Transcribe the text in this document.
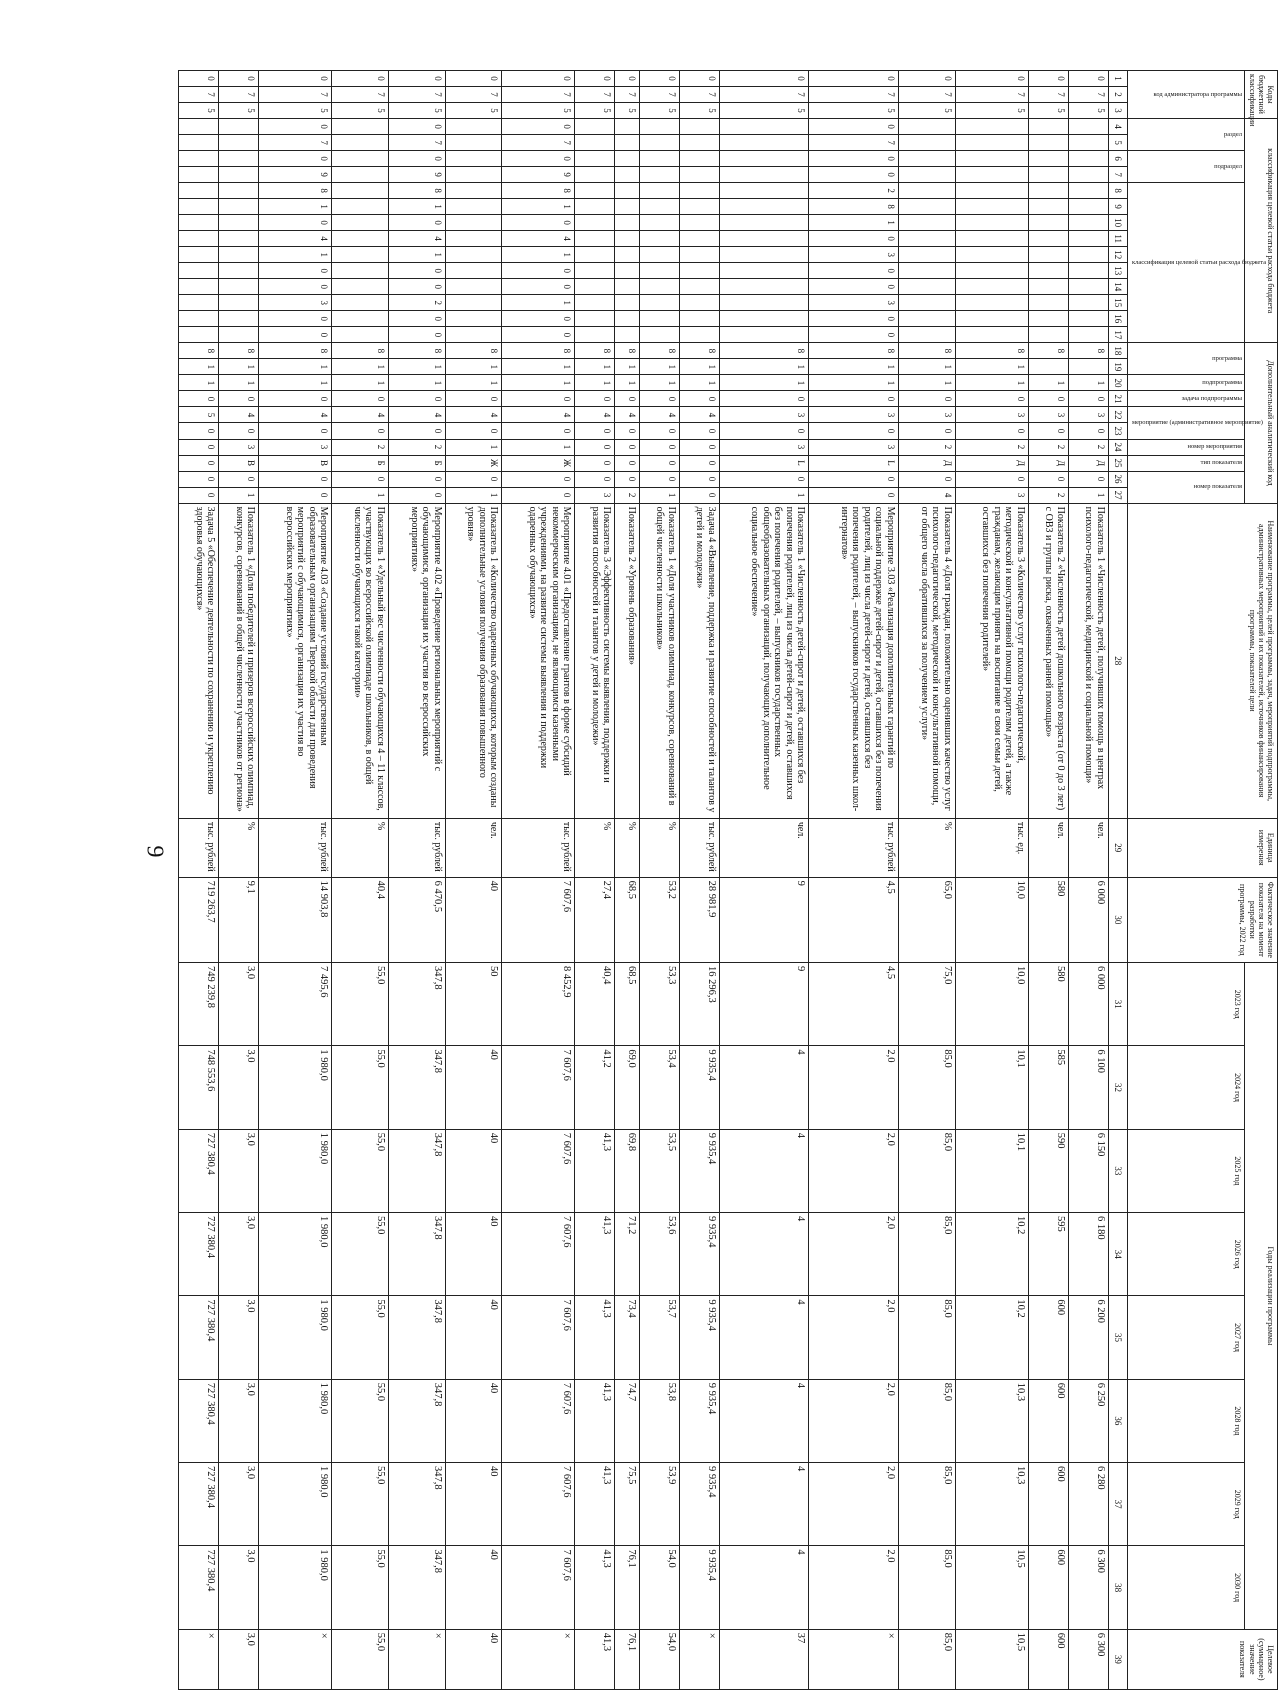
9
Коды бюджетной классификации			классификация целевой статьи расхода бюджета														Дополнительный аналитический код										Наименование программы, целей программы, задач, мероприятий подпрограммы, административных мероприятий и их показателей, источников финансирования программы, показателей цели	Единица измерения	Фактическое значение показателя на момент разработки программы, 2022 год	Годы реализации программы								Целевое (суммарное) значение показателя
код администратора программы			раздел		подраздел		классификация целевой статьи расхода бюджета										программа		подпрограмма	задача подпрограммы	мероприятие (административное мероприятие)		номер мероприятия	тип показателя	номер показателя					2023 год	2024 год	2025 год	2026 год	2027 год	2028 год	2029 год	2030 год	
1	2	3	4	5	6	7	8	9	10	11	12	13	14	15	16	17	18	19	20	21	22	23	24	25	26	27	28	29	30	31	32	33	34	35	36	37	38	39
0	7	5															8		1	0	3	0	2	Д	0	1	Показатель 1 «Численность детей, получивших помощь в центрах психолого-педагогической, медицинской и социальной помощи»	чел.	6 000	6 000	6 100	6 150	6 180	6 200	6 250	6 280	6 300	6 300
0	7	5															8		1	0	3	0	2	Д	0	2	Показатель 2 «Численность детей дошкольного возраста (от 0 до 3 лет) с ОВЗ и группы риска, охваченных ранней помощью»	чел.	580	580	585	590	595	600	600	600	600	600
0	7	5															8	1	1	0	3	0	2	Д	0	3	Показатель 3 «Количество услуг психолого-педагогической, методической и консультативной помощи родителям детей, а также гражданам, желающим принять на воспитание в свои семьи детей, оставшихся без попечения родителей»	тыс. ед.	10,0	10,0	10,1	10,1	10,2	10,2	10,3	10,3	10,5	10,5
0	7	5															8	1	1	0	3	0	2	Д	0	4	Показатель 4 «Доля граждан, положительно оценивших качество услуг психолого-педагогической, методической и консультативной помощи, от общего числа обратившихся за получением услуги»	%	65,0	75,0	85,0	85,0	85,0	85,0	85,0	85,0	85,0	85,0
0	7	5	0	7	0	0	2	8	1	0	3	0	0	3	0	0	8	1	1	0	3	0	3	L	0	0	Мероприятие 3.03 «Реализация дополнительных гарантий по социальной поддержке детей-сирот и детей, оставшихся без попечения родителей, лиц из числа детей-сирот и детей, оставшихся без попечения родителей, – выпускников государственных казенных школ-интернатов»	тыс. рублей	4,5	4,5	2,0	2,0	2,0	2,0	2,0	2,0	2,0	×
0	7	5															8	1	1	0	3	0	3	L	0	1	Показатель 1 «Численность детей-сирот и детей, оставшихся без попечения родителей, лиц из числа детей-сирот и детей, оставшихся без попечения родителей, – выпускников государственных общеобразовательных организаций, получающих дополнительное социальное обеспечение»	чел.	9	9	4	4	4	4	4	4	4	37
0	7	5															8	1	1	0	4	0	0	0	0	0	Задача 4 «Выявление, поддержка и развитие способностей и талантов у детей и молодежи»	тыс. рублей	28 981,9	16 296,3	9 935,4	9 935,4	9 935,4	9 935,4	9 935,4	9 935,4	9 935,4	×
0	7	5															8	1	1	0	4	0	0	0	0	1	Показатель 1 «Доля участников олимпиад, конкурсов, соревнований в общей численности школьников»	%	53,2	53,3	53,4	53,5	53,6	53,7	53,8	53,9	54,0	54,0
0	7	5															8	1	1	0	4	0	0	0	0	2	Показатель 2 «Уровень образования»	%	68,5	68,5	69,0	69,8	71,2	73,4	74,7	75,5	76,1	76,1
0	7	5															8	1	1	0	4	0	0	0	0	3	Показатель 3 «Эффективность системы выявления, поддержки и развития способностей и талантов у детей и молодежи»	%	27,4	40,4	41,2	41,3	41,3	41,3	41,3	41,3	41,3	41,3
0	7	5	0	7	0	9	8	1	0	4	1	0	0	1	0	0	8	1	1	0	4	0	1	Ж	0	0	Мероприятие 4.01 «Предоставление грантов в форме субсидий некоммерческим организациям, не являющимся казенными учреждениями, на развитие системы выявления и поддержки одаренных обучающихся»	тыс. рублей	7 607,6	8 452,9	7 607,6	7 607,6	7 607,6	7 607,6	7 607,6	7 607,6	7 607,6	×
0	7	5															8	1	1	0	4	0	1	Ж	0	1	Показатель 1 «Количество одаренных обучающихся, которым созданы дополнительные условия получения образования повышенного уровня»	чел.	40	50	40	40	40	40	40	40	40	40
0	7	5	0	7	0	9	8	1	0	4	1	0	0	2	0	0	8	1	1	0	4	0	2	Б	0	0	Мероприятие 4.02 «Проведение региональных мероприятий с обучающимися, организация их участия во всероссийских мероприятиях»	тыс. рублей	6 470,5	347,8	347,8	347,8	347,8	347,8	347,8	347,8	347,8	×
0	7	5															8	1	1	0	4	0	2	Б	0	1	Показатель 1 «Удельный вес численности обучающихся 4 – 11 классов, участвующих во всероссийской олимпиаде школьников, в общей численности обучающихся такой категории»	%	40,4	55,0	55,0	55,0	55,0	55,0	55,0	55,0	55,0	55,0
0	7	5	0	7	0	9	8	1	0	4	1	0	0	3	0	0	8	1	1	0	4	0	3	В	0	0	Мероприятие 4.03 «Создание условий государственным образовательным организациям Тверской области для проведения мероприятий с обучающимися, организация их участия во всероссийских мероприятиях»	тыс. рублей	14 903,8	7 495,6	1 980,0	1 980,0	1 980,0	1 980,0	1 980,0	1 980,0	1 980,0	×
0	7	5															8	1	1	0	4	0	3	В	0	1	Показатель 1 «Доля победителей и призеров всероссийских олимпиад, конкурсов, соревнований в общей численности участников от региона»	%	9,1	3,0	3,0	3,0	3,0	3,0	3,0	3,0	3,0	3,0
0	7	5															8	1	1	0	5	0	0	0	0	0	Задача 5 «Обеспечение деятельности по сохранению и укреплению здоровья обучающихся»	тыс. рублей	719 263,7	749 239,8	748 553,6	727 380,4	727 380,4	727 380,4	727 380,4	727 380,4	727 380,4	×
